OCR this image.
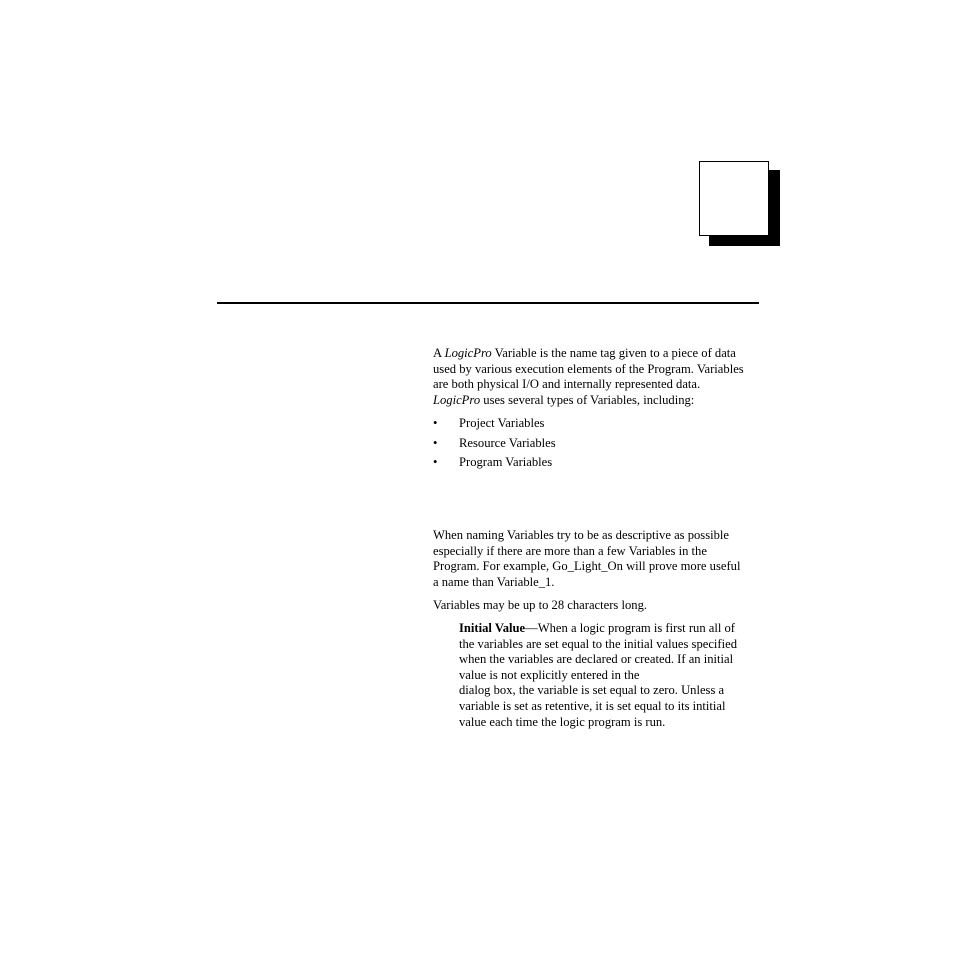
A LogicPro Variable is the name tag given to a piece of data
used by various execution elements of the Program. Variables
are both physical I/O and internally represented data.
LogicPro uses several types of Variables, including:

• Project Variables
• Resource Variables
• Program Variables

When naming Variables try to be as descriptive as possible
especially if there are more than a few Variables in the
Program. For example, Go_Light_On will prove more useful
a name than Variable_1.

Variables may be up to 28 characters long.

Initial Value—When a logic program is first run all of
the variables are set equal to the initial values specified
when the variables are declared or created. If an initial
value is not explicitly entered in the
dialog box, the variable is set equal to zero. Unless a
variable is set as retentive, it is set equal to its intitial
value each time the logic program is run.
